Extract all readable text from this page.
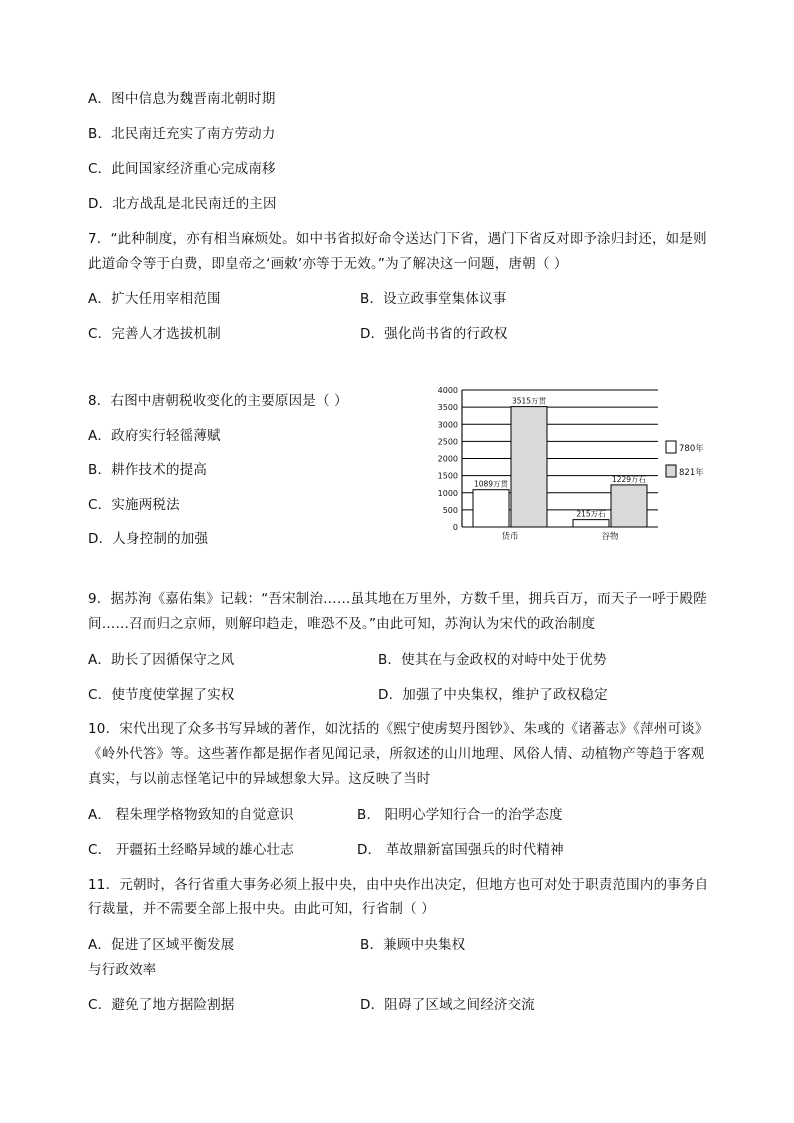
A．图中信息为魏晋南北朝时期
B．北民南迁充实了南方劳动力
C．此间国家经济重心完成南移
D．北方战乱是北民南迁的主因
7．“此种制度，亦有相当麻烦处。如中书省拟好命令送达门下省，遇门下省反对即予涂归封还，如是则
此道命令等于白费，即皇帝之‘画敕’亦等于无效。”为了解决这一问题，唐朝（ ）
A．扩大任用宰相范围	B．设立政事堂集体议事
C．完善人才选拔机制	D．强化尚书省的行政权
8．右图中唐朝税收变化的主要原因是（ ）
A．政府实行轻徭薄赋
B．耕作技术的提高
C．实施两税法
D．人身控制的加强
0
500
1000
1500
2000
2500
3000
3500
4000
1089万贯
3515万贯
货币
215万石
1229万石
谷物
780年
821年
9．据苏洵《嘉佑集》记载：“吾宋制治……虽其地在万里外，方数千里，拥兵百万，而天子一呼于殿陛
间……召而归之京师，则解印趋走，唯恐不及。”由此可知，苏洵认为宋代的政治制度
A．助长了因循保守之风	B．使其在与金政权的对峙中处于优势
C．使节度使掌握了实权	D．加强了中央集权，维护了政权稳定
10．宋代出现了众多书写异域的著作，如沈括的《熙宁使虏契丹图钞》、朱彧的《诸蕃志》《萍州可谈》
《岭外代答》等。这些著作都是据作者见闻记录，所叙述的山川地理、风俗人情、动植物产等趋于客观
真实，与以前志怪笔记中的异域想象大异。这反映了当时
A． 程朱理学格物致知的自觉意识	B． 阳明心学知行合一的治学态度
C． 开疆拓土经略异域的雄心壮志	D． 革故鼎新富国强兵的时代精神
11．元朝时，各行省重大事务必须上报中央，由中央作出决定，但地方也可对处于职责范围内的事务自
行裁量，并不需要全部上报中央。由此可知，行省制（ ）
A．促进了区域平衡发展	B．兼顾中央集权
与行政效率
C．避免了地方据险割据	D．阻碍了区域之间经济交流
